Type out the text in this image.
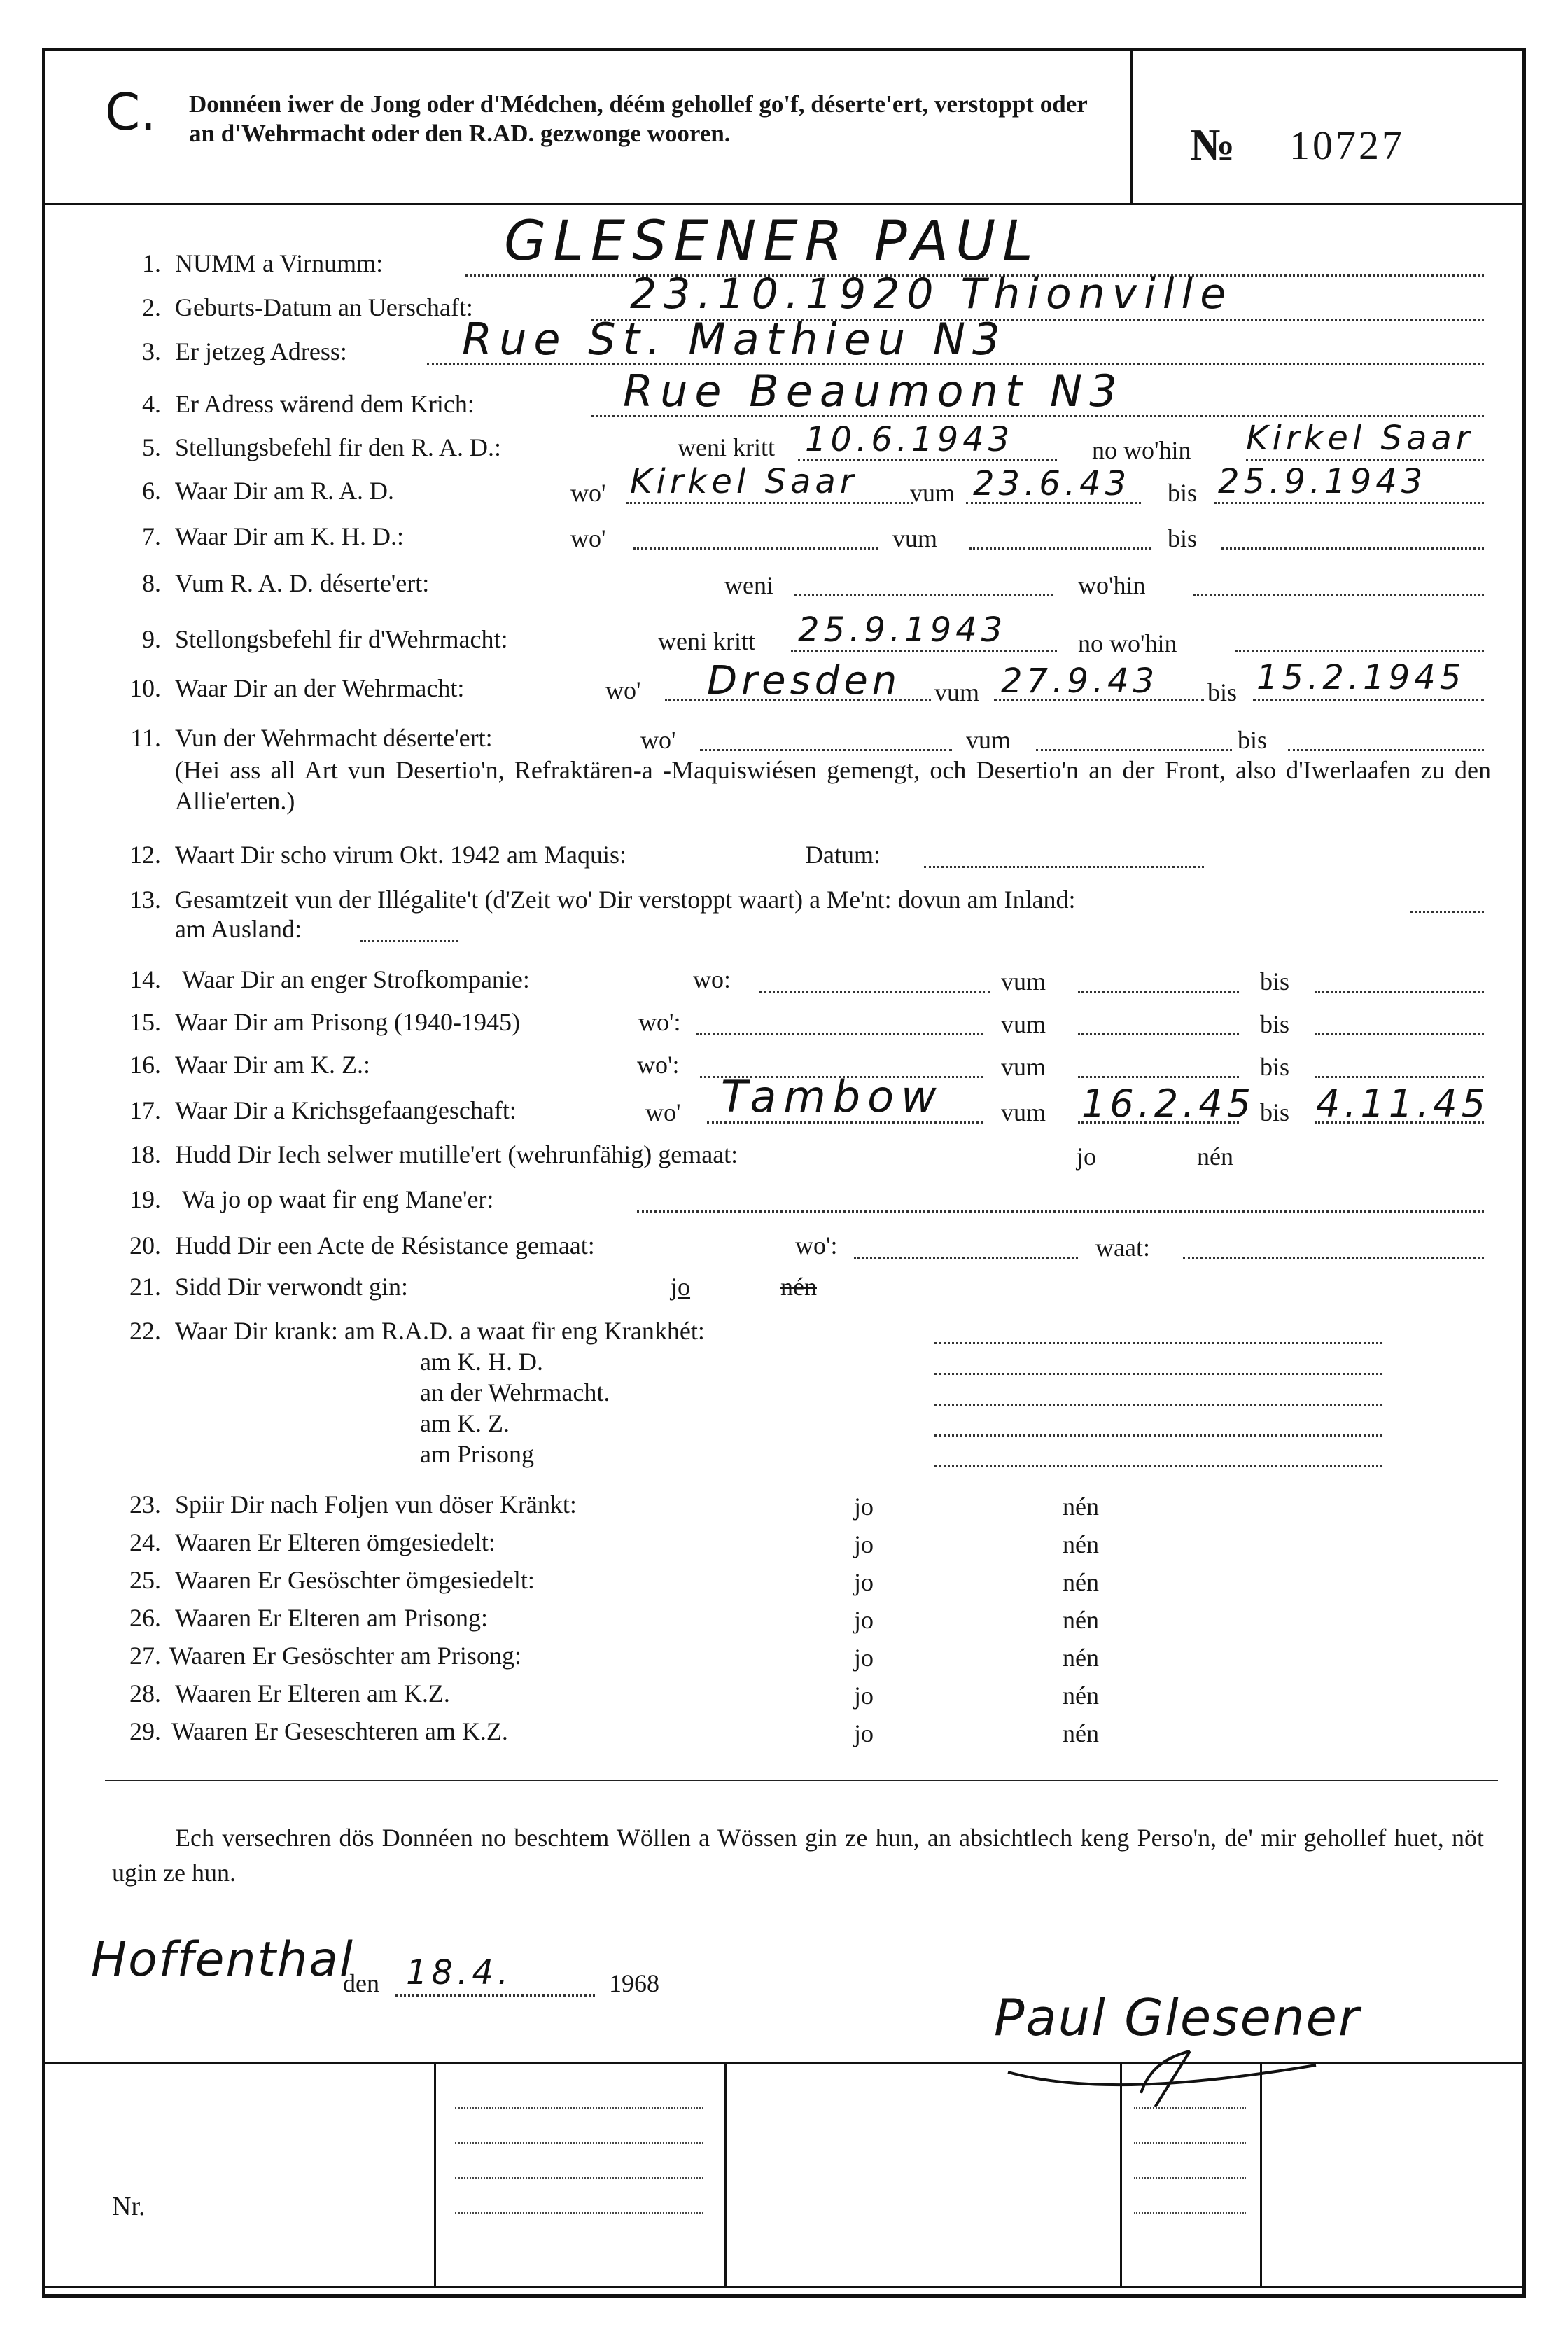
C. Donnéen iwer de Jong oder d'Médchen, déém gehollef go'f, déserte'ert, verstoppt oder an d'Wehrmacht oder den R.AD. gezwonge wooren.	№ 10727
1. NUMM a Virnumm: GLESENER PAUL
2. Geburts-Datum an Uerschaft:	23.10.1920 Thionville
3. Er jetzeg Adress:	Rue St. Mathieu N3
4. Er Adress wärend dem Krich:	Rue Beaumont N3
5. Stellungsbefehl fir den R. A. D.:	weni kritt 10.6.1943	no wo'hin Kirkel Saar
6. Waar Dir am R. A. D.	wo' Kirkel Saar vum 23.6.43 bis 25.9.1943
7. Waar Dir am K. H. D.:	wo'	vum	bis
8. Vum R. A. D. déserte'ert:	weni	wo'hin
9. Stellongsbefehl fir d'Wehrmacht:	weni kritt 25.9.1943	no wo'hin
10. Waar Dir an der Wehrmacht:	wo' Dresden vum 27.9.43 bis 15.2.1945
11. Vun der Wehrmacht déserte'ert:	wo'	vum	bis
(Hei ass all Art vun Desertio'n, Refraktären-a -Maquiswiésen gemengt, och Desertio'n an der Front, also d'Iwerlaafen zu den Allie'erten.)
12. Waart Dir scho virum Okt. 1942 am Maquis:	Datum:
13. Gesamtzeit vun der Illégalite't (d'Zeit wo' Dir verstoppt waart) a Me'nt: dovun am Inland:
am Ausland:
14. Waar Dir an enger Strofkompanie:	wo:	vum	bis
15. Waar Dir am Prisong (1940-1945)	wo':	vum	bis
16. Waar Dir am K. Z.:	wo':	vum	bis
17. Waar Dir a Krichsgefaangeschaft:	wo' Tambow vum 16.2.45 bis 4.11.45
18. Hudd Dir Iech selwer mutille'ert (wehrunfähig) gemaat:	jo	nén
19. Wa jo op waat fir eng Mane'er:
20. Hudd Dir een Acte de Résistance gemaat:	wo':	waat:
21. Sidd Dir verwondt gin:	jo	nén
22. Waar Dir krank: am R.A.D. a waat fir eng Krankhét:
am K. H. D.
an der Wehrmacht.
am K. Z.
am Prisong
23. Spiir Dir nach Foljen vun döser Kränkt:	jo	nén
24. Waaren Er Elteren ömgesiedelt:	jo	nén
25. Waaren Er Gesöschter ömgesiedelt:	jo	nén
26. Waaren Er Elteren am Prisong:	jo	nén
27. Waaren Er Gesöschter am Prisong:	jo	nén
28. Waaren Er Elteren am K.Z.	jo	nén
29. Waaren Er Geseschteren am K.Z.	jo	nén
Ech versechren dös Donnéen no beschtem Wöllen a Wössen gin ze hun, an absichtlech keng Perso'n, de' mir gehollef huet, nöt ugin ze hun.
Hoffenthal
den 18.4.	1968
Paul Glesener
Nr.
